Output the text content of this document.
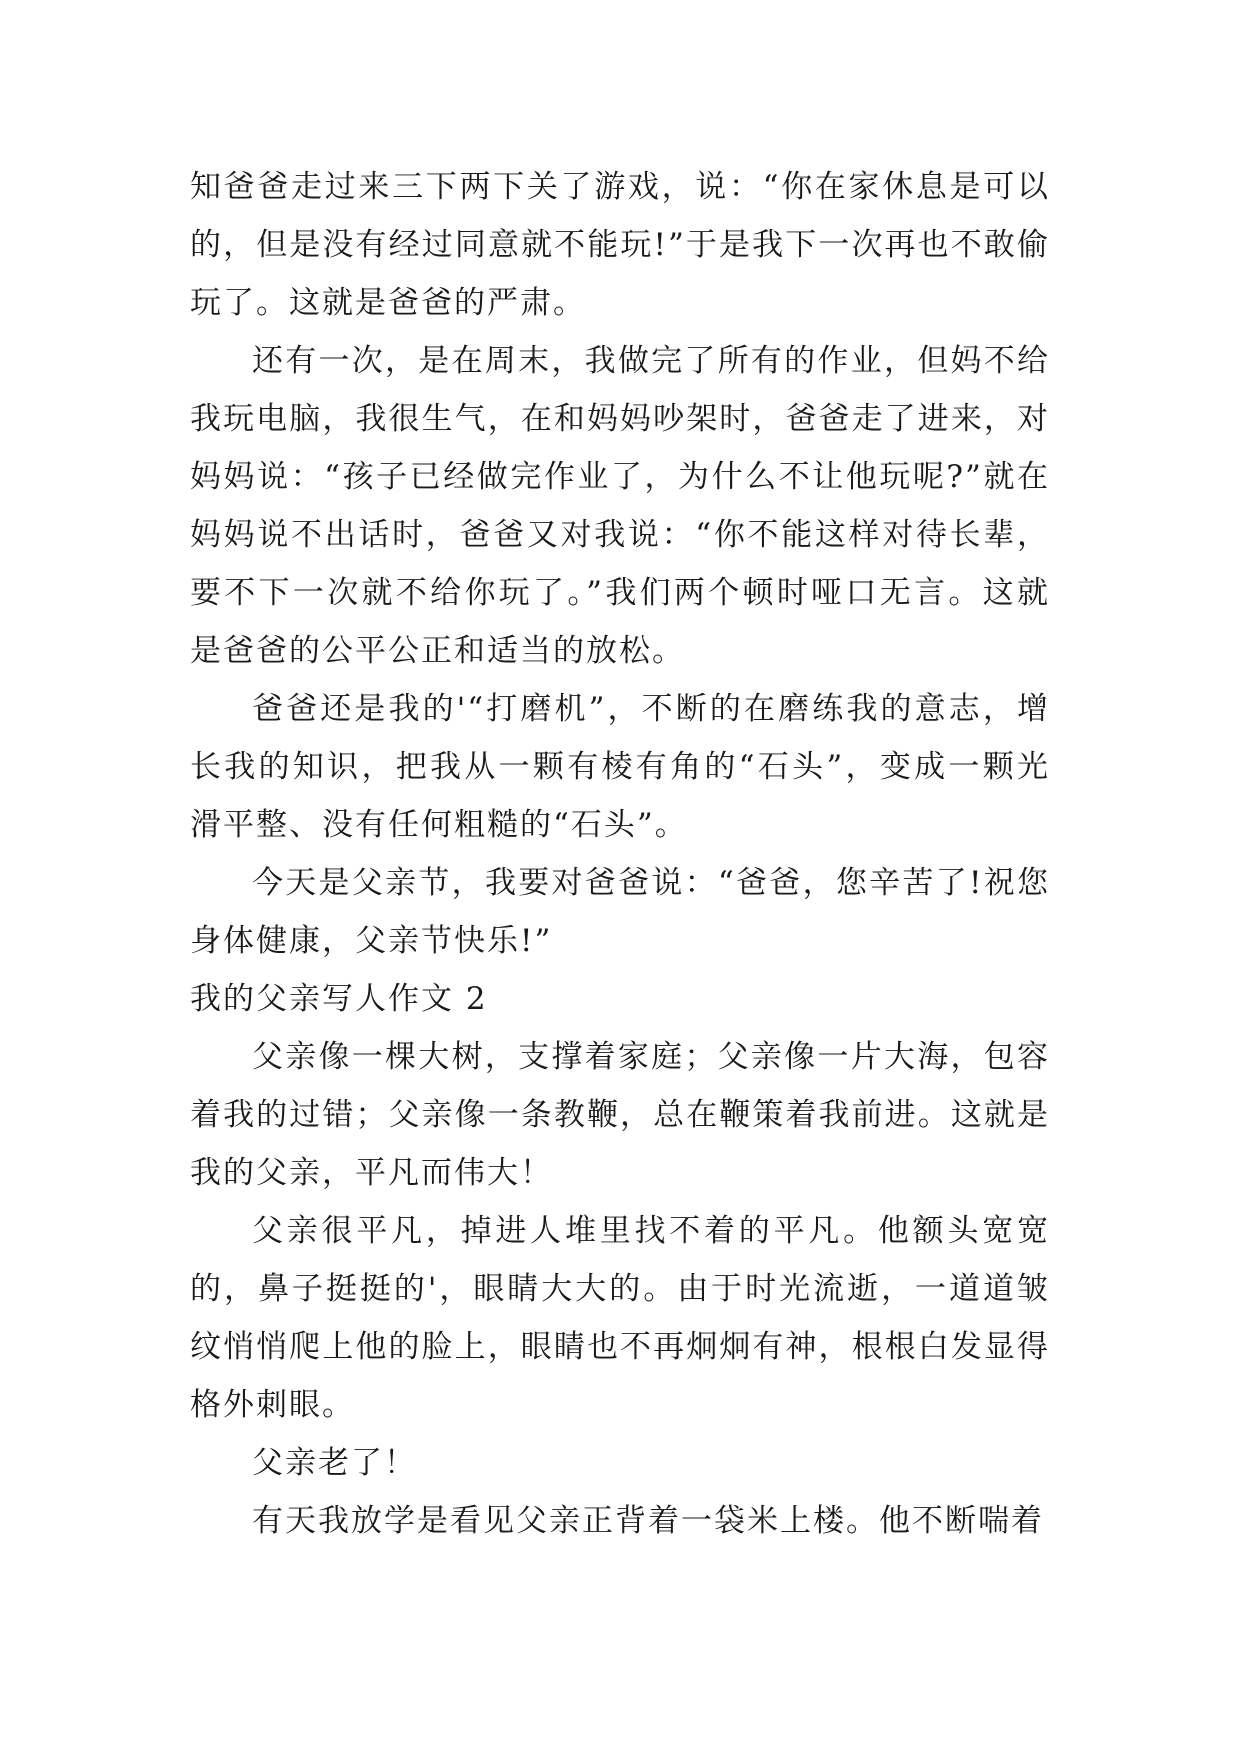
知爸爸走过来三下两下关了游戏，说：“你在家休息是可以的，但是没有经过同意就不能玩!”于是我下一次再也不敢偷玩了。这就是爸爸的严肃。

还有一次，是在周末，我做完了所有的作业，但妈不给我玩电脑，我很生气，在和妈妈吵架时，爸爸走了进来，对妈妈说：“孩子已经做完作业了，为什么不让他玩呢?”就在妈妈说不出话时，爸爸又对我说：“你不能这样对待长辈，要不下一次就不给你玩了。”我们两个顿时哑口无言。这就是爸爸的公平公正和适当的放松。

爸爸还是我的'“打磨机”，不断的在磨练我的意志，增长我的知识，把我从一颗有棱有角的“石头”，变成一颗光滑平整、没有任何粗糙的“石头”。

今天是父亲节，我要对爸爸说：“爸爸，您辛苦了!祝您身体健康，父亲节快乐!”

我的父亲写人作文 2

父亲像一棵大树，支撑着家庭；父亲像一片大海，包容着我的过错；父亲像一条教鞭，总在鞭策着我前进。这就是我的父亲，平凡而伟大！

父亲很平凡，掉进人堆里找不着的平凡。他额头宽宽的，鼻子挺挺的'，眼睛大大的。由于时光流逝，一道道皱纹悄悄爬上他的脸上，眼睛也不再炯炯有神，根根白发显得格外刺眼。

父亲老了！

有天我放学是看见父亲正背着一袋米上楼。他不断喘着
